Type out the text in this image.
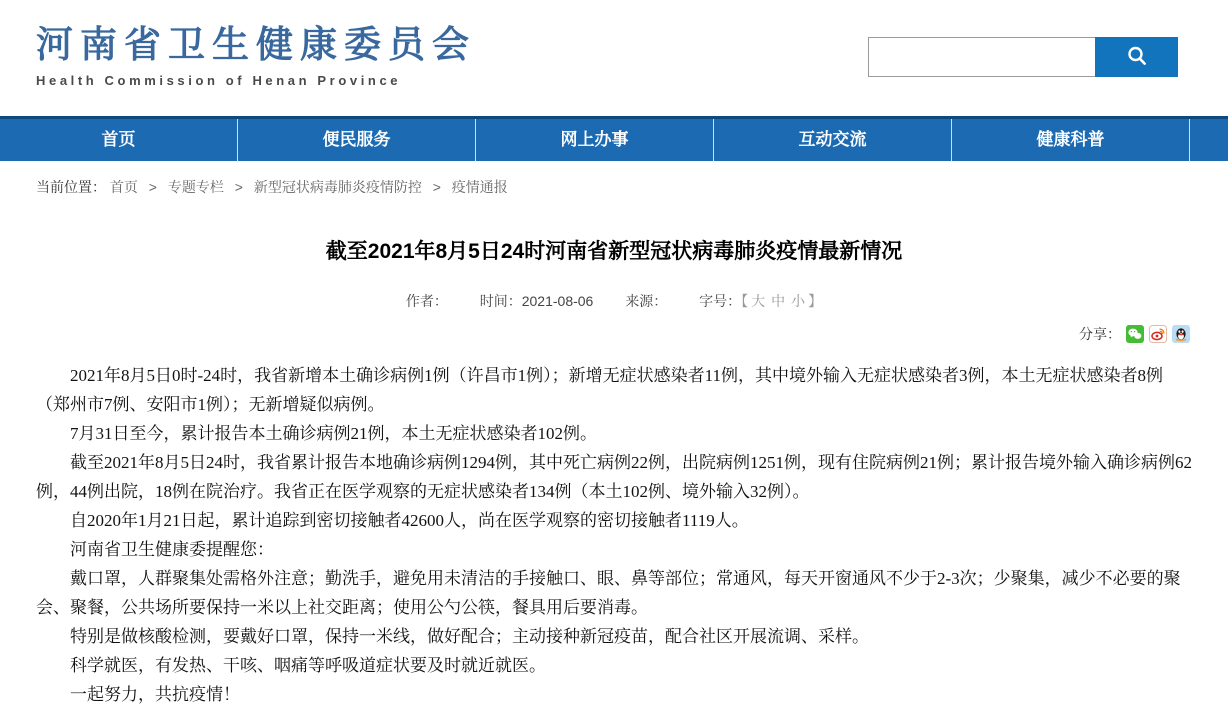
河南省卫生健康委员会
Health Commission of Henan Province
首页	便民服务	网上办事	互动交流	健康科普
当前位置： 首页 > 专题专栏 > 新型冠状病毒肺炎疫情防控 > 疫情通报
截至2021年8月5日24时河南省新型冠状病毒肺炎疫情最新情况
作者： 时间：2021-08-06 来源： 字号：【 大 中 小 】
分享：

2021年8月5日0时-24时，我省新增本土确诊病例1例（许昌市1例）；新增无症状感染者11例，其中境外输入无症状感染者3例，本土无症状感染者8例（郑州市7例、安阳市1例）；无新增疑似病例。

7月31日至今，累计报告本土确诊病例21例，本土无症状感染者102例。

截至2021年8月5日24时，我省累计报告本地确诊病例1294例，其中死亡病例22例，出院病例1251例，现有住院病例21例；累计报告境外输入确诊病例62例，44例出院，18例在院治疗。我省正在医学观察的无症状感染者134例（本土102例、境外输入32例）。

自2020年1月21日起，累计追踪到密切接触者42600人，尚在医学观察的密切接触者1119人。

河南省卫生健康委提醒您：

戴口罩，人群聚集处需格外注意；勤洗手，避免用未清洁的手接触口、眼、鼻等部位；常通风，每天开窗通风不少于2-3次；少聚集，减少不必要的聚会、聚餐，公共场所要保持一米以上社交距离；使用公勺公筷，餐具用后要消毒。

特别是做核酸检测，要戴好口罩，保持一米线，做好配合；主动接种新冠疫苗，配合社区开展流调、采样。

科学就医，有发热、干咳、咽痛等呼吸道症状要及时就近就医。

一起努力，共抗疫情！
